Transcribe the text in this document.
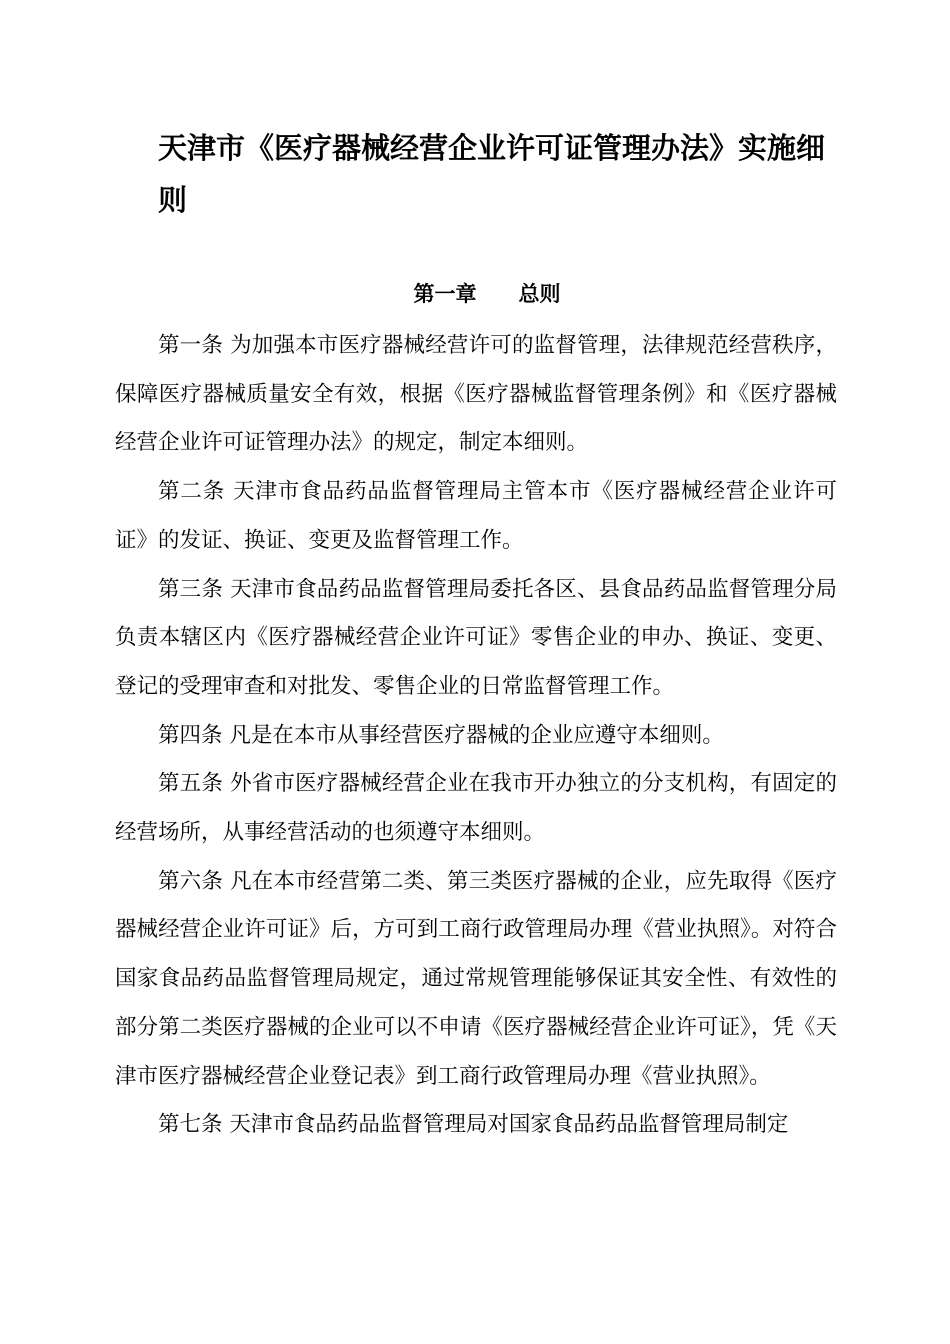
天津市《医疗器械经营企业许可证管理办法》实施细则
第一章 总则

第一条 为加强本市医疗器械经营许可的监督管理，法律规范经营秩序，保障医疗器械质量安全有效，根据《医疗器械监督管理条例》和《医疗器械经营企业许可证管理办法》的规定，制定本细则。

第二条 天津市食品药品监督管理局主管本市《医疗器械经营企业许可证》的发证、换证、变更及监督管理工作。

第三条 天津市食品药品监督管理局委托各区、县食品药品监督管理分局负责本辖区内《医疗器械经营企业许可证》零售企业的申办、换证、变更、登记的受理审查和对批发、零售企业的日常监督管理工作。

第四条 凡是在本市从事经营医疗器械的企业应遵守本细则。

第五条 外省市医疗器械经营企业在我市开办独立的分支机构，有固定的经营场所，从事经营活动的也须遵守本细则。

第六条 凡在本市经营第二类、第三类医疗器械的企业，应先取得《医疗器械经营企业许可证》后，方可到工商行政管理局办理《营业执照》。对符合国家食品药品监督管理局规定，通过常规管理能够保证其安全性、有效性的部分第二类医疗器械的企业可以不申请《医疗器械经营企业许可证》，凭《天津市医疗器械经营企业登记表》到工商行政管理局办理《营业执照》。

第七条 天津市食品药品监督管理局对国家食品药品监督管理局制定
